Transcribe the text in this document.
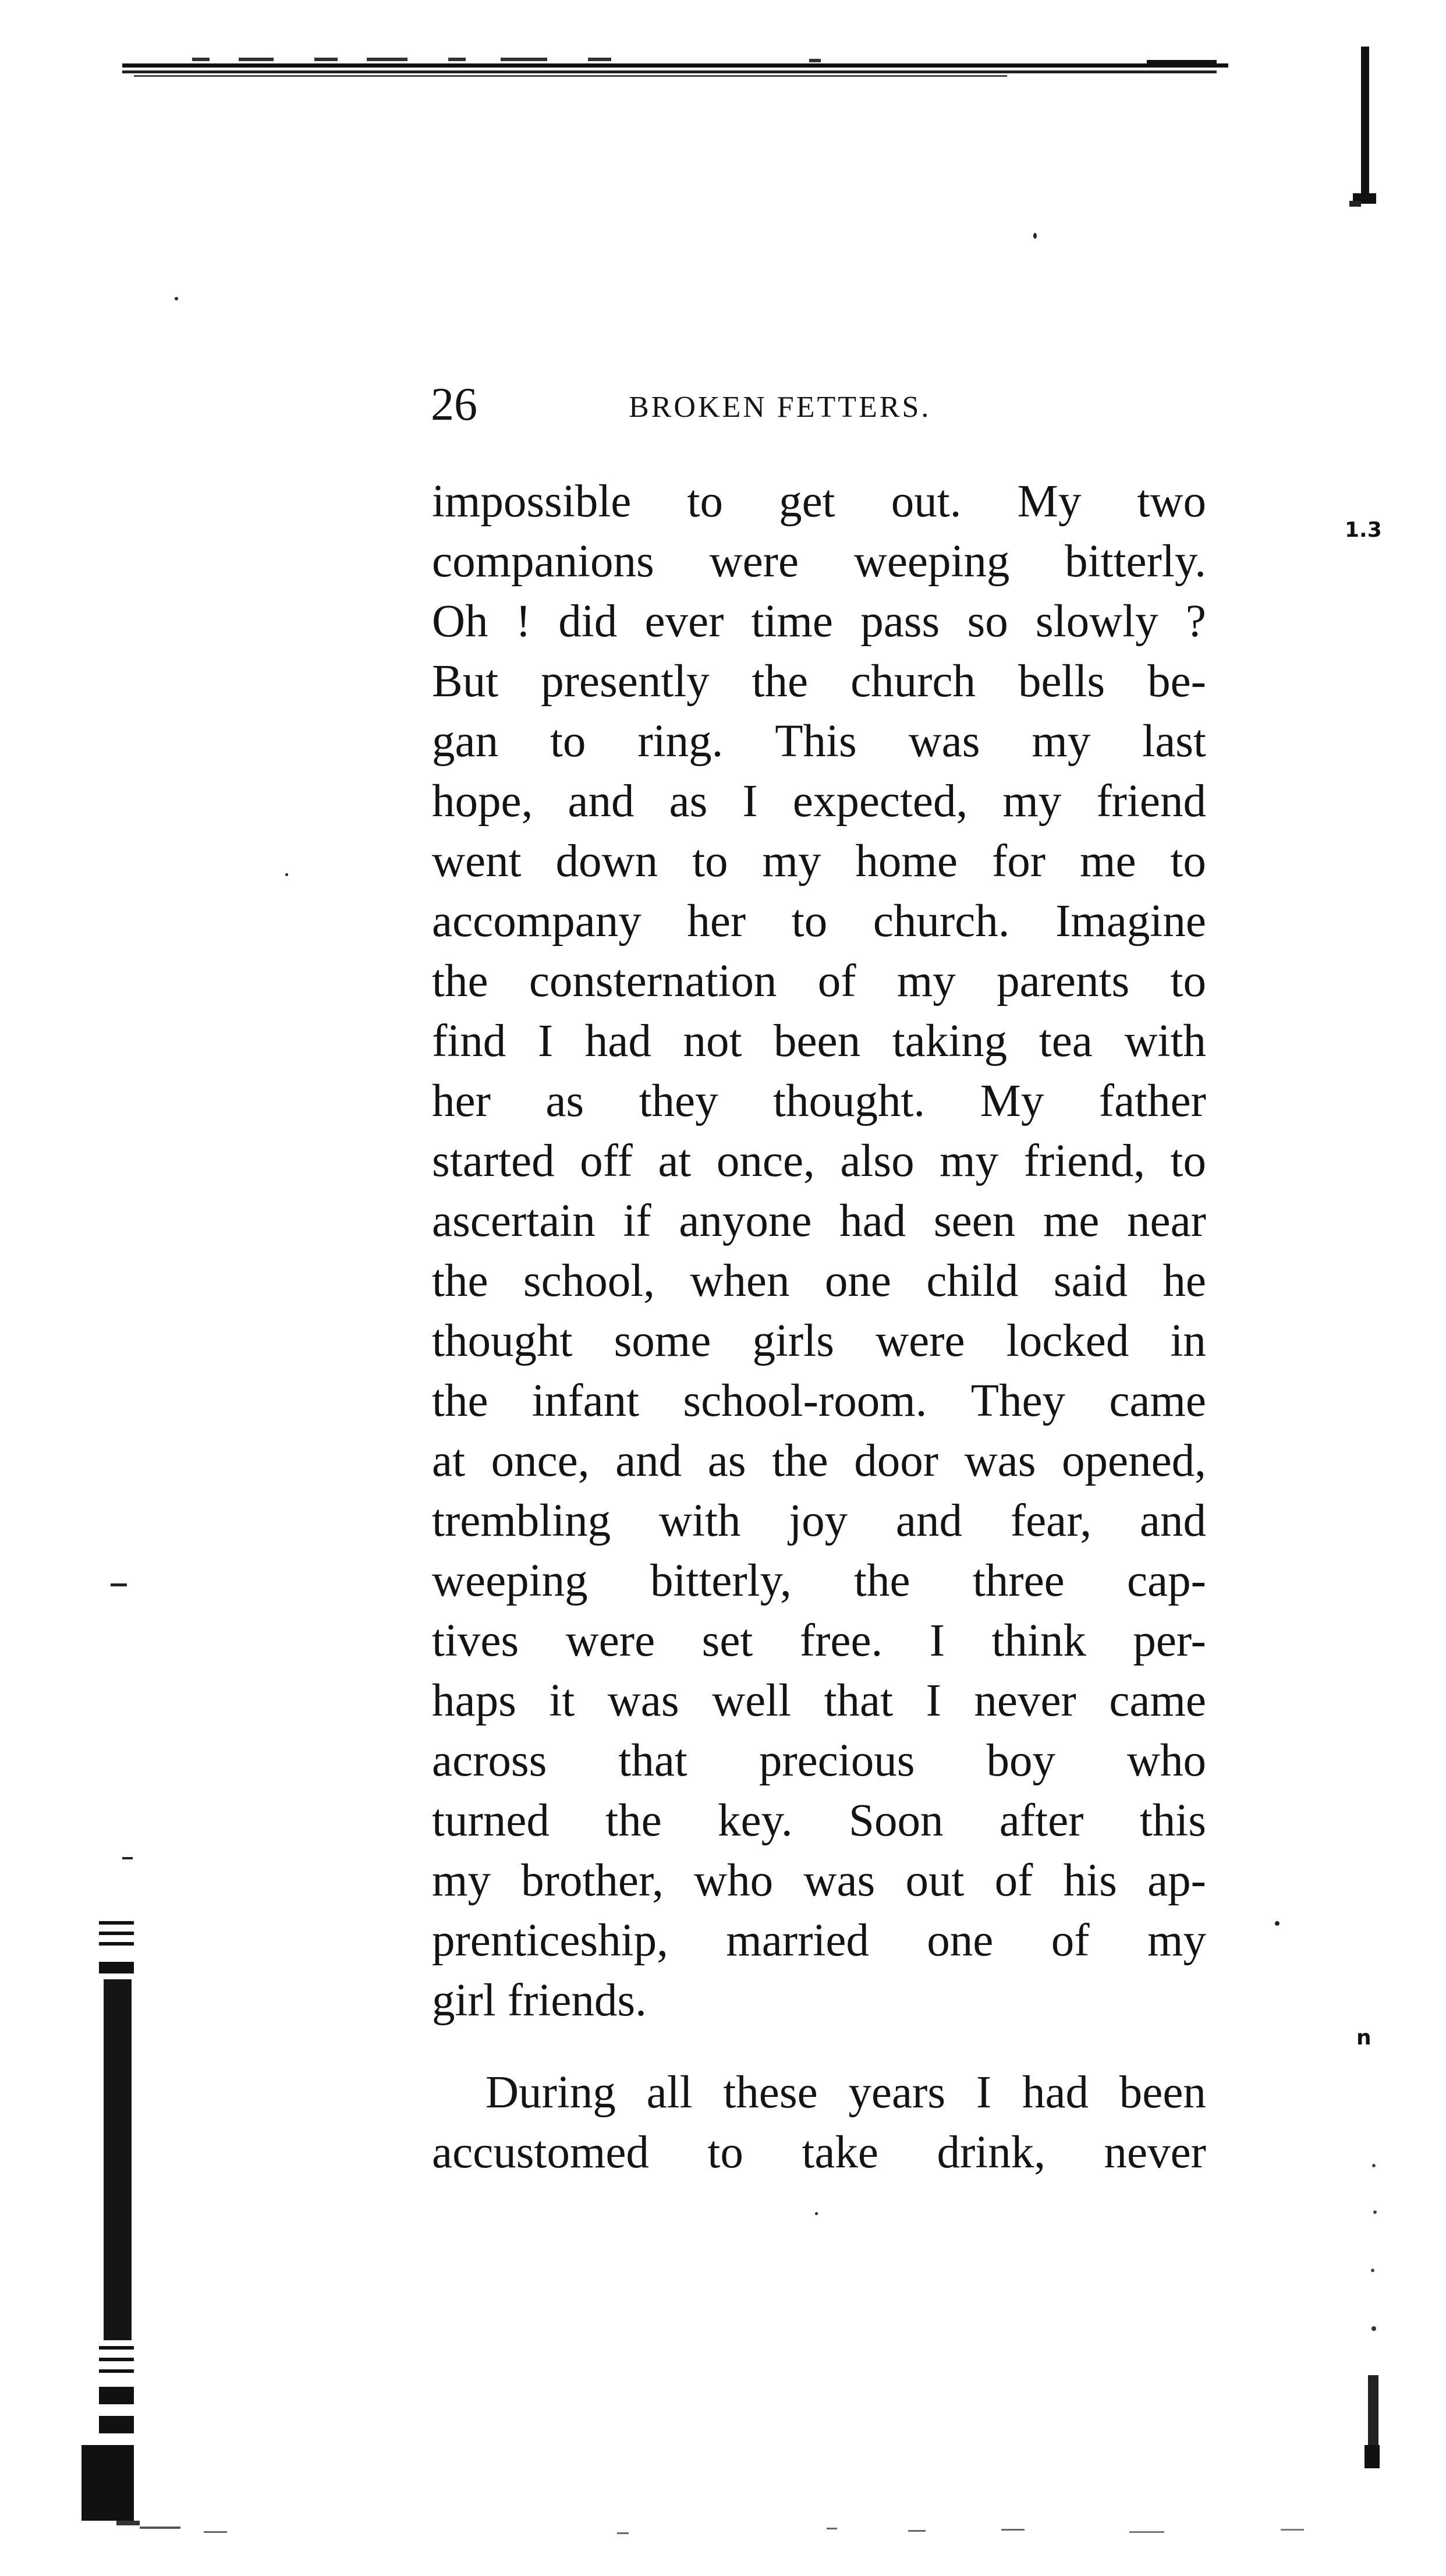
1.3
n
26	BROKEN FETTERS.
impossible to get out. My two
companions were weeping bitterly.
Oh ! did ever time pass so slowly ?
But presently the church bells be-
gan to ring. This was my last
hope, and as I expected, my friend
went down to my home for me to
accompany her to church. Imagine
the consternation of my parents to
find I had not been taking tea with
her as they thought. My father
started off at once, also my friend, to
ascertain if anyone had seen me near
the school, when one child said he
thought some girls were locked in
the infant school-room. They came
at once, and as the door was opened,
trembling with joy and fear, and
weeping bitterly, the three cap-
tives were set free. I think per-
haps it was well that I never came
across that precious boy who
turned the key. Soon after this
my brother, who was out of his ap-
prenticeship, married one of my
girl friends.
During all these years I had been
accustomed to take drink, never
